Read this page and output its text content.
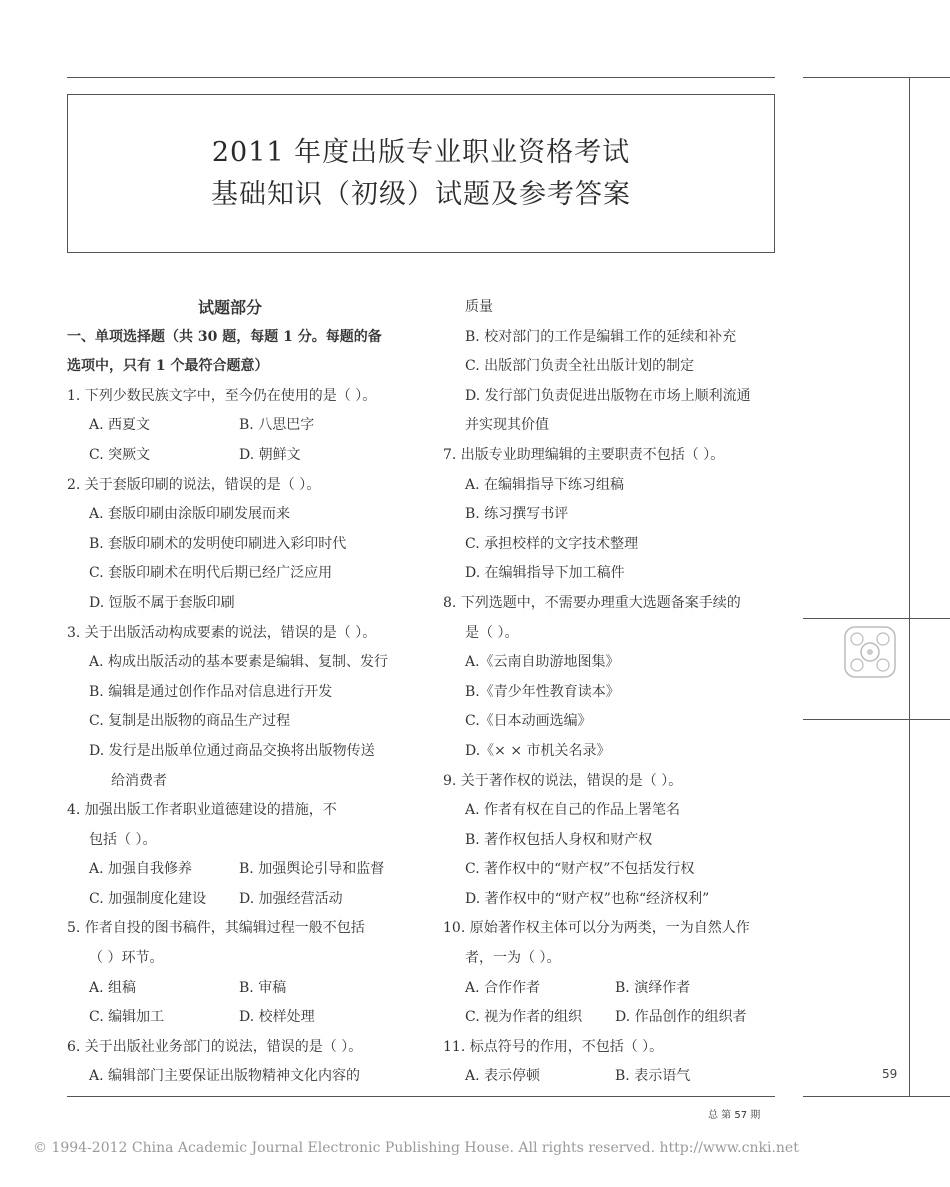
2011 年度出版专业职业资格考试
基础知识（初级）试题及参考答案
试题部分
一、单项选择题（共 30 题，每题 1 分。每题的备
选项中，只有 1 个最符合题意）
1. 下列少数民族文字中，至今仍在使用的是（ ）。
A. 西夏文	B. 八思巴字
C. 突厥文	D. 朝鲜文
2. 关于套版印刷的说法，错误的是（ ）。
A. 套版印刷由涂版印刷发展而来
B. 套版印刷术的发明使印刷进入彩印时代
C. 套版印刷术在明代后期已经广泛应用
D. 饾版不属于套版印刷
3. 关于出版活动构成要素的说法，错误的是（ ）。
A. 构成出版活动的基本要素是编辑、复制、发行
B. 编辑是通过创作作品对信息进行开发
C. 复制是出版物的商品生产过程
D. 发行是出版单位通过商品交换将出版物传送
给消费者
4. 加强出版工作者职业道德建设的措施，不
包括（ ）。
A. 加强自我修养	B. 加强舆论引导和监督
C. 加强制度化建设	D. 加强经营活动
5. 作者自投的图书稿件，其编辑过程一般不包括
（ ）环节。
A. 组稿	B. 审稿
C. 编辑加工	D. 校样处理
6. 关于出版社业务部门的说法，错误的是（ ）。
A. 编辑部门主要保证出版物精神文化内容的
质量
B. 校对部门的工作是编辑工作的延续和补充
C. 出版部门负责全社出版计划的制定
D. 发行部门负责促进出版物在市场上顺利流通
并实现其价值
7. 出版专业助理编辑的主要职责不包括（ ）。
A. 在编辑指导下练习组稿
B. 练习撰写书评
C. 承担校样的文字技术整理
D. 在编辑指导下加工稿件
8. 下列选题中，不需要办理重大选题备案手续的
是（ ）。
A.《云南自助游地图集》
B.《青少年性教育读本》
C.《日本动画选编》
D.《× × 市机关名录》
9. 关于著作权的说法，错误的是（ ）。
A. 作者有权在自己的作品上署笔名
B. 著作权包括人身权和财产权
C. 著作权中的“财产权”不包括发行权
D. 著作权中的“财产权”也称“经济权利”
10. 原始著作权主体可以分为两类，一为自然人作
者，一为（ ）。
A. 合作作者	B. 演绎作者
C. 视为作者的组织	D. 作品创作的组织者
11. 标点符号的作用，不包括（ ）。
A. 表示停顿	B. 表示语气	59
总 第 57 期
© 1994-2012 China Academic Journal Electronic Publishing House. All rights reserved. http://www.cnki.net
